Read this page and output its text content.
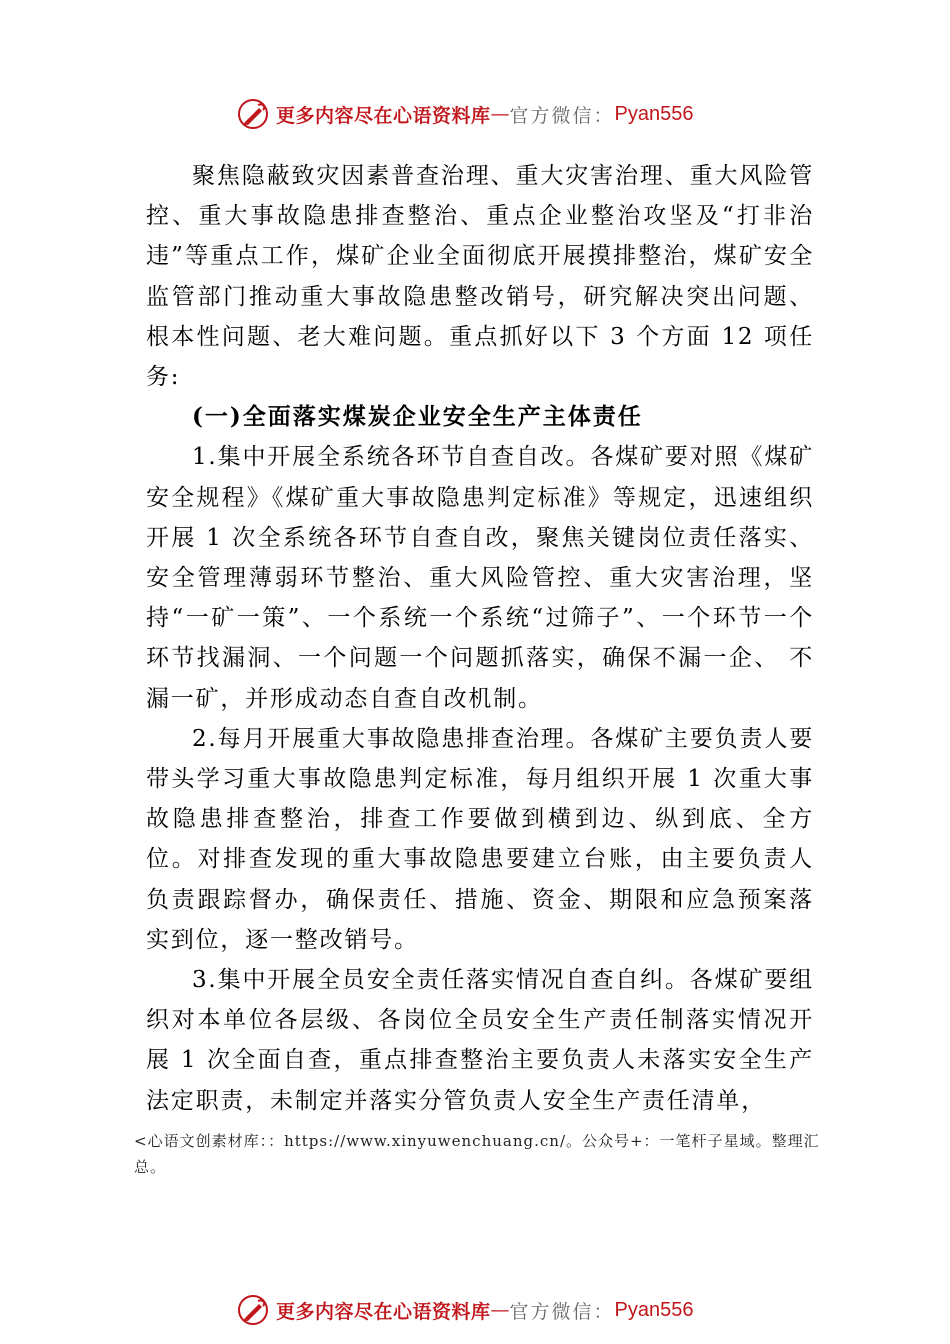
更多内容尽在心语资料库 — 官方微信： Pyan556

聚焦隐蔽致灾因素普查治理、重大灾害治理、重大风险管控、重大事故隐患排查整治、重点企业整治攻坚及“打非治违”等重点工作，煤矿企业全面彻底开展摸排整治，煤矿安全监管部门推动重大事故隐患整改销号，研究解决突出问题、根本性问题、老大难问题。重点抓好以下 3 个方面 12 项任务:

(一)全面落实煤炭企业安全生产主体责任

1.集中开展全系统各环节自查自改。各煤矿要对照《煤矿安全规程》《煤矿重大事故隐患判定标准》等规定，迅速组织开展 1 次全系统各环节自查自改，聚焦关键岗位责任落实、安全管理薄弱环节整治、重大风险管控、重大灾害治理，坚持“一矿一策”、一个系统一个系统“过筛子”、一个环节一个环节找漏洞、一个问题一个问题抓落实，确保不漏一企、 不漏一矿，并形成动态自查自改机制。

2.每月开展重大事故隐患排查治理。各煤矿主要负责人要带头学习重大事故隐患判定标准，每月组织开展 1 次重大事故隐患排查整治，排查工作要做到横到边、纵到底、全方位。对排查发现的重大事故隐患要建立台账，由主要负责人负责跟踪督办，确保责任、措施、资金、期限和应急预案落实到位，逐一整改销号。

3.集中开展全员安全责任落实情况自查自纠。各煤矿要组织对本单位各层级、各岗位全员安全生产责任制落实情况开展 1 次全面自查，重点排查整治主要负责人未落实安全生产法定职责，未制定并落实分管负责人安全生产责任清单，

<心语文创素材库：：https://www.xinyuwenchuang.cn/。公众号+：一笔杆子星域。整理汇总。
更多内容尽在心语资料库 — 官方微信： Pyan556
